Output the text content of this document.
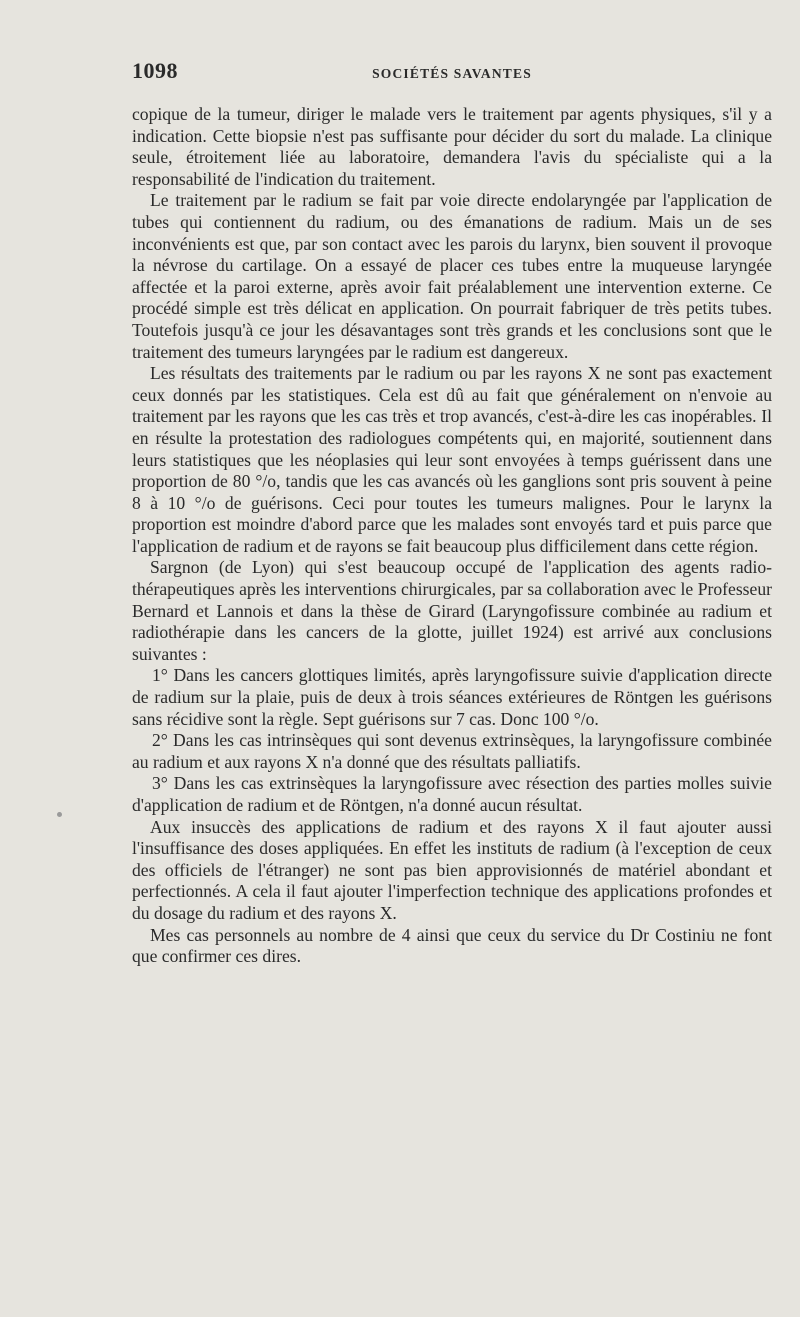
1098	SOCIÉTÉS SAVANTES

copique de la tumeur, diriger le malade vers le traitement par agents physiques, s'il y a indication. Cette biopsie n'est pas suffisante pour décider du sort du malade. La clinique seule, étroitement liée au laboratoire, demandera l'avis du spécialiste qui a la responsabilité de l'indication du traitement.

Le traitement par le radium se fait par voie directe endolaryngée par l'application de tubes qui contiennent du radium, ou des émanations de radium. Mais un de ses inconvénients est que, par son contact avec les parois du larynx, bien souvent il provoque la névrose du cartilage. On a essayé de placer ces tubes entre la muqueuse laryngée affectée et la paroi externe, après avoir fait préalablement une intervention externe. Ce procédé simple est très délicat en application. On pourrait fabriquer de très petits tubes. Toutefois jusqu'à ce jour les désavantages sont très grands et les conclusions sont que le traitement des tumeurs laryngées par le radium est dangereux.

Les résultats des traitements par le radium ou par les rayons X ne sont pas exactement ceux donnés par les statistiques. Cela est dû au fait que généralement on n'envoie au traitement par les rayons que les cas très et trop avancés, c'est-à-dire les cas inopérables. Il en résulte la protestation des radiologues compétents qui, en majorité, soutiennent dans leurs statistiques que les néoplasies qui leur sont envoyées à temps guérissent dans une proportion de 80 °/o, tandis que les cas avancés où les ganglions sont pris souvent à peine 8 à 10 °/o de guérisons. Ceci pour toutes les tumeurs malignes. Pour le larynx la proportion est moindre d'abord parce que les malades sont envoyés tard et puis parce que l'application de radium et de rayons se fait beaucoup plus difficilement dans cette région.

Sargnon (de Lyon) qui s'est beaucoup occupé de l'application des agents radio-thérapeutiques après les interventions chirurgicales, par sa collaboration avec le Professeur Bernard et Lannois et dans la thèse de Girard (Laryngofissure combinée au radium et radiothérapie dans les cancers de la glotte, juillet 1924) est arrivé aux conclusions suivantes :

1° Dans les cancers glottiques limités, après laryngofissure suivie d'application directe de radium sur la plaie, puis de deux à trois séances extérieures de Röntgen les guérisons sans récidive sont la règle. Sept guérisons sur 7 cas. Donc 100 °/o.

2° Dans les cas intrinsèques qui sont devenus extrinsèques, la laryngofissure combinée au radium et aux rayons X n'a donné que des résultats palliatifs.

3° Dans les cas extrinsèques la laryngofissure avec résection des parties molles suivie d'application de radium et de Röntgen, n'a donné aucun résultat.

Aux insuccès des applications de radium et des rayons X il faut ajouter aussi l'insuffisance des doses appliquées. En effet les instituts de radium (à l'exception de ceux des officiels de l'étranger) ne sont pas bien approvisionnés de matériel abondant et perfectionnés. A cela il faut ajouter l'imperfection technique des applications profondes et du dosage du radium et des rayons X.

Mes cas personnels au nombre de 4 ainsi que ceux du service du Dr Costiniu ne font que confirmer ces dires.
